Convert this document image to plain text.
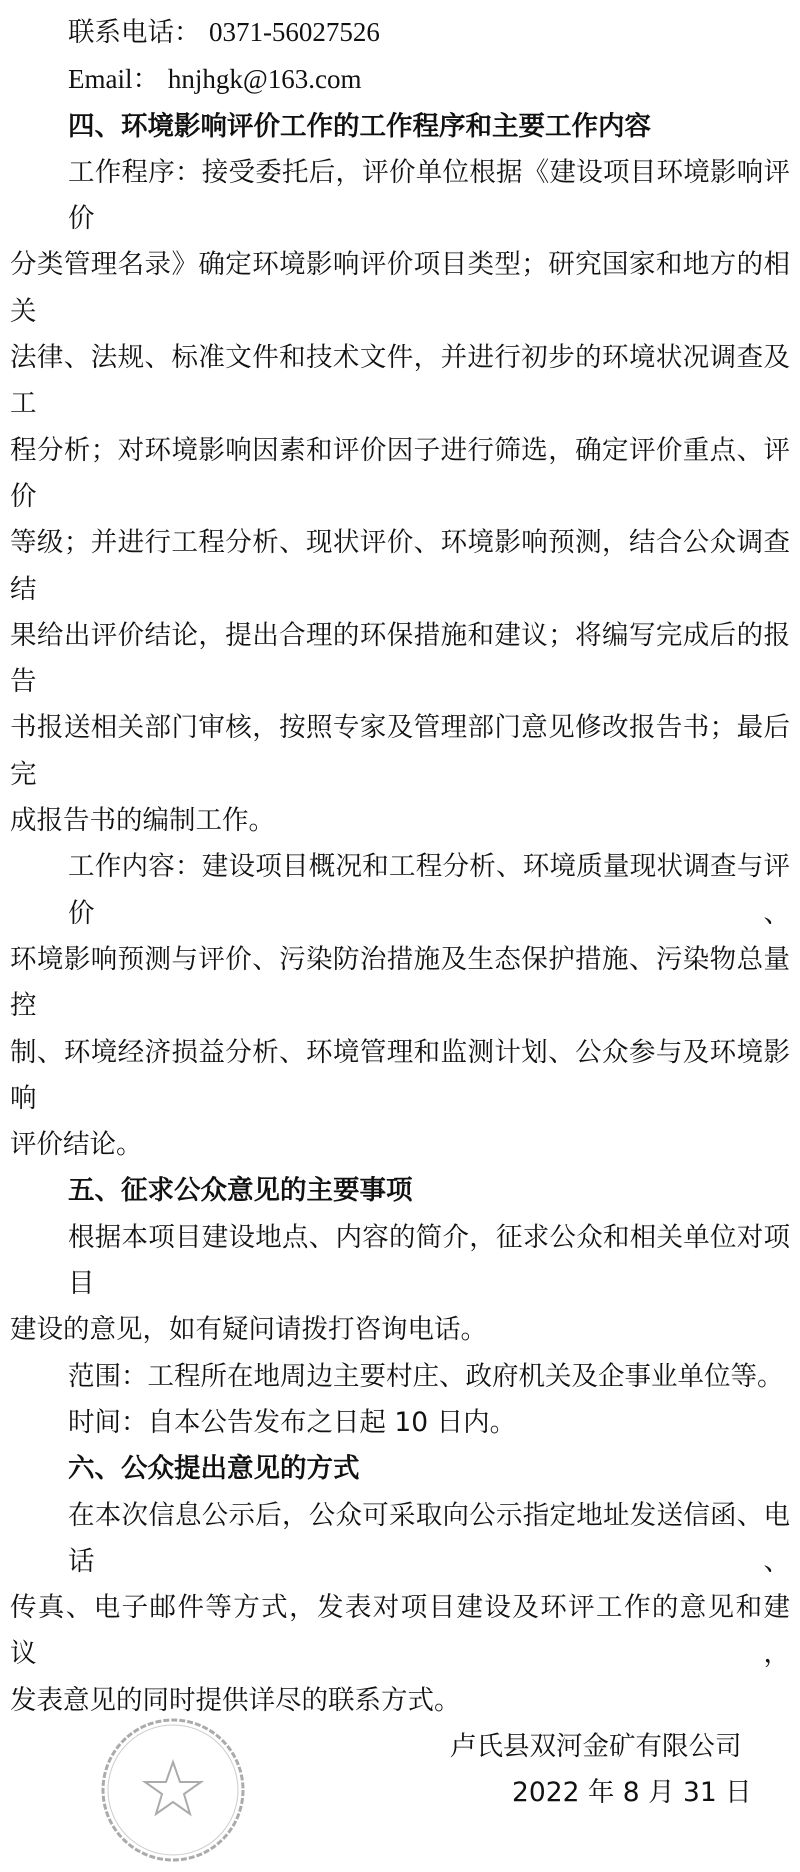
联系电话： 0371-56027526
Email： hnjhgk@163.com
四、环境影响评价工作的工作程序和主要工作内容
工作程序：接受委托后，评价单位根据《建设项目环境影响评价
分类管理名录》确定环境影响评价项目类型；研究国家和地方的相关
法律、法规、标准文件和技术文件，并进行初步的环境状况调查及工
程分析；对环境影响因素和评价因子进行筛选，确定评价重点、评价
等级；并进行工程分析、现状评价、环境影响预测，结合公众调查结
果给出评价结论，提出合理的环保措施和建议；将编写完成后的报告
书报送相关部门审核，按照专家及管理部门意见修改报告书；最后完
成报告书的编制工作。
工作内容：建设项目概况和工程分析、环境质量现状调查与评价、
环境影响预测与评价、污染防治措施及生态保护措施、污染物总量控
制、环境经济损益分析、环境管理和监测计划、公众参与及环境影响
评价结论。
五、征求公众意见的主要事项
根据本项目建设地点、内容的简介，征求公众和相关单位对项目
建设的意见，如有疑问请拨打咨询电话。
范围：工程所在地周边主要村庄、政府机关及企事业单位等。
时间：自本公告发布之日起 10 日内。
六、公众提出意见的方式
在本次信息公示后，公众可采取向公示指定地址发送信函、电话、
传真、电子邮件等方式，发表对项目建设及环评工作的意见和建议，
发表意见的同时提供详尽的联系方式。
卢氏县双河金矿有限公司
2022 年 8 月 31 日
